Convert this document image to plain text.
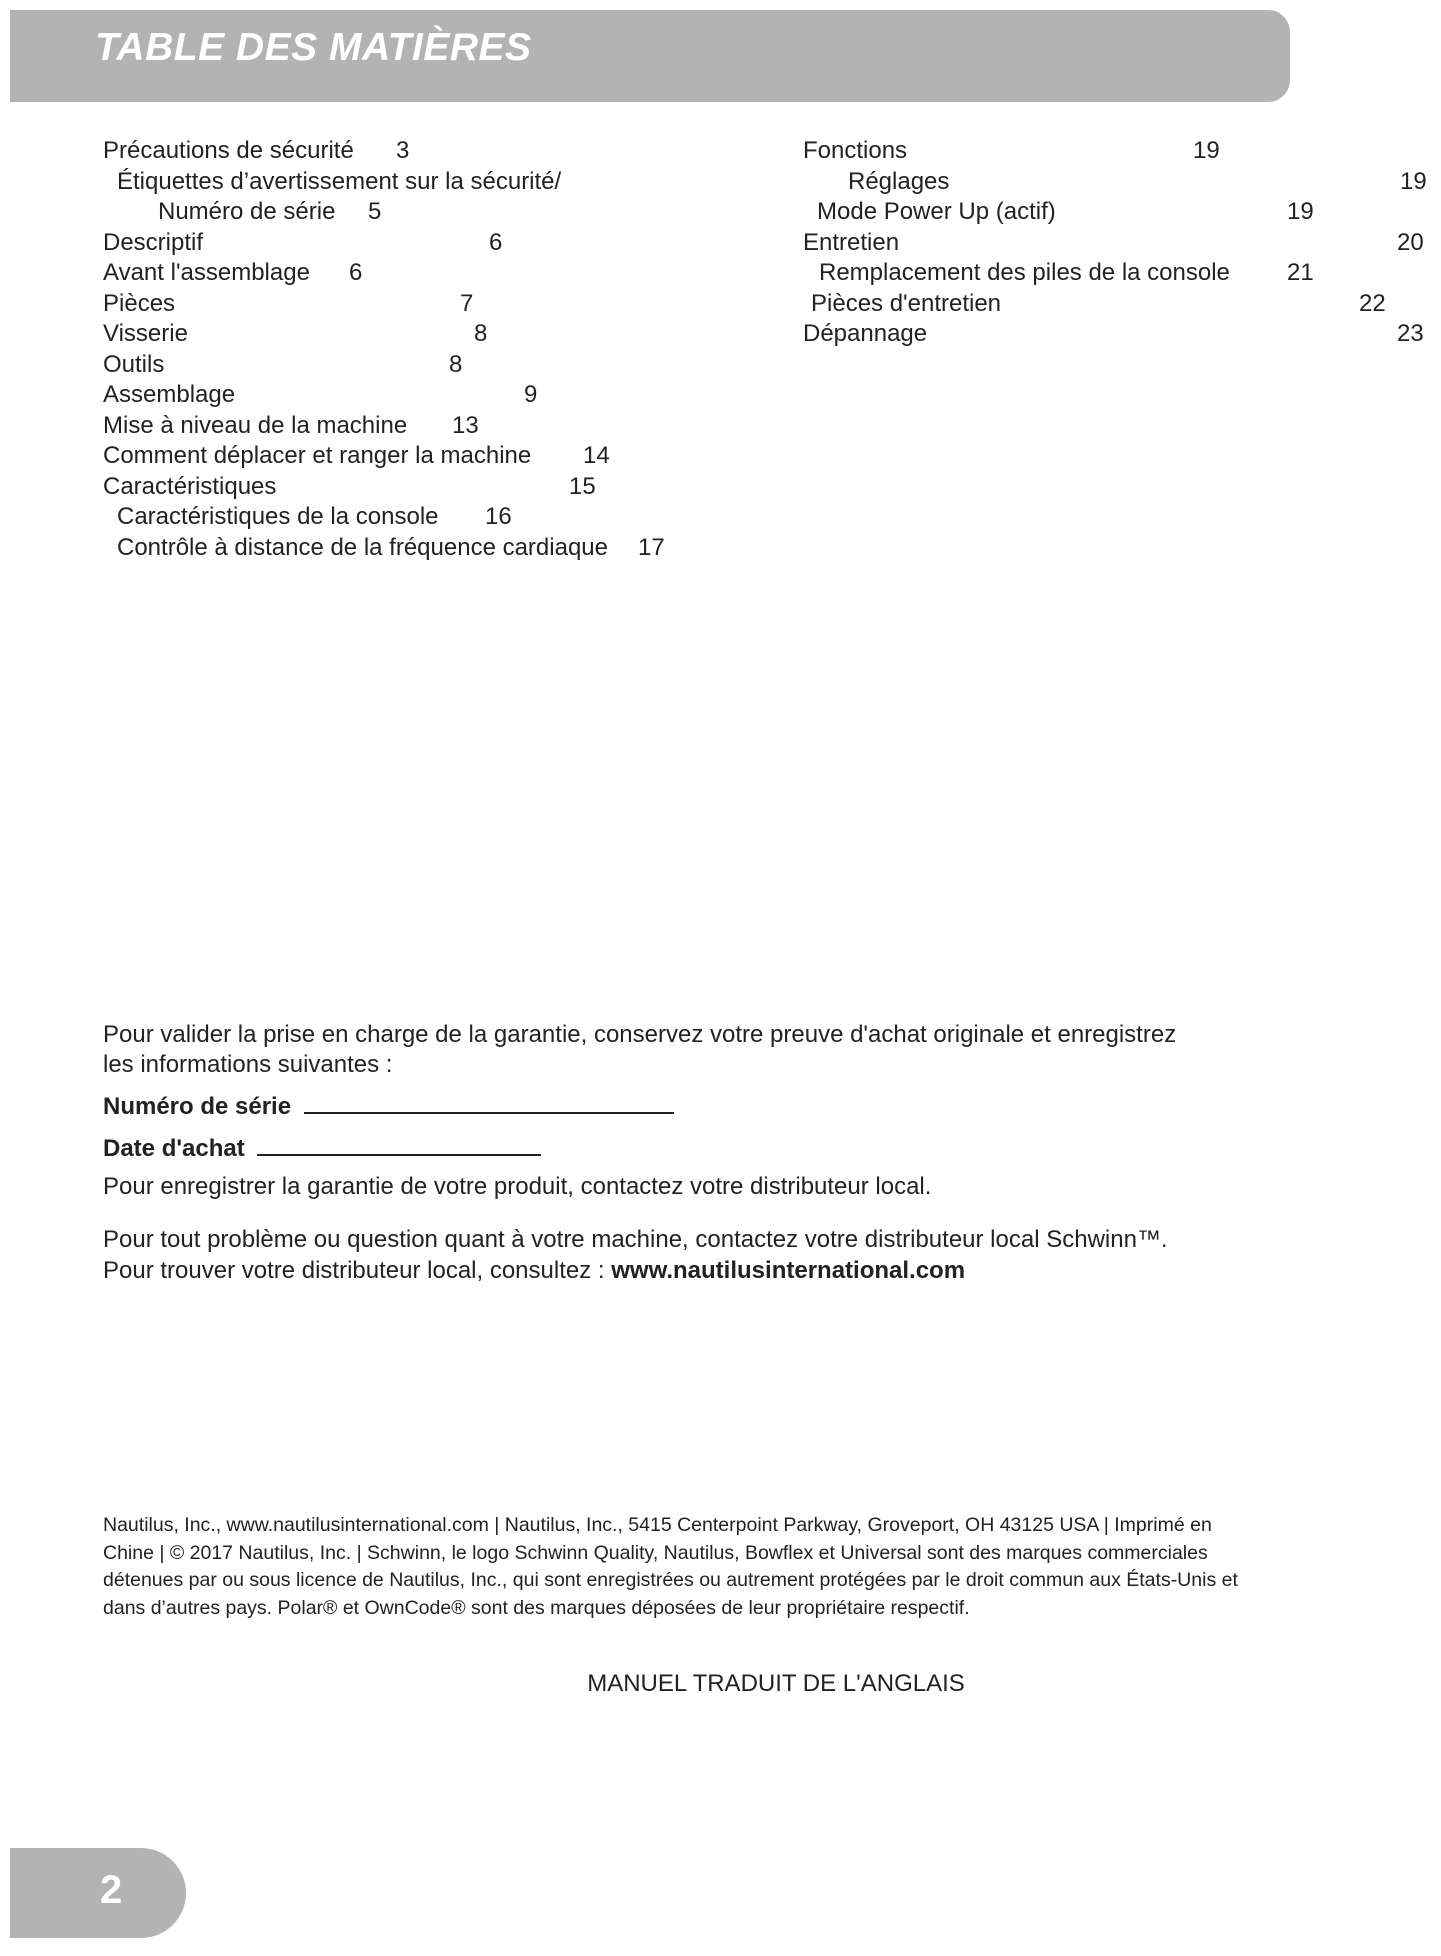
TABLE DES MATIÈRES
Précautions de sécurité 3
Étiquettes d’avertissement sur la sécurité/
Numéro de série 5
Descriptif	6
Avant l'assemblage 6
Pièces	7
Visserie	8
Outils	8
Assemblage	9
Mise à niveau de la machine 13
Comment déplacer et ranger la machine 14
Caractéristiques	15
Caractéristiques de la console 16
Contrôle à distance de la fréquence cardiaque 17
Fonctions	19
Réglages	19
Mode Power Up (actif)	19
Entretien	20
Remplacement des piles de la console 21
Pièces d'entretien	22
Dépannage	23
Pour valider la prise en charge de la garantie, conservez votre preuve d'achat originale et enregistrez
les informations suivantes :
Numéro de série
Date d'achat
Pour enregistrer la garantie de votre produit, contactez votre distributeur local.
Pour tout problème ou question quant à votre machine, contactez votre distributeur local Schwinn™.
Pour trouver votre distributeur local, consultez : www.nautilusinternational.com

Nautilus, Inc., www.nautilusinternational.com | Nautilus, Inc., 5415 Centerpoint Parkway, Groveport, OH 43125 USA | Imprimé en

Chine | © 2017 Nautilus, Inc. | Schwinn, le logo Schwinn Quality, Nautilus, Bowflex et Universal sont des marques commerciales

détenues par ou sous licence de Nautilus, Inc., qui sont enregistrées ou autrement protégées par le droit commun aux États-Unis et

dans d’autres pays. Polar® et OwnCode® sont des marques déposées de leur propriétaire respectif.

MANUEL TRADUIT DE L'ANGLAIS
2
